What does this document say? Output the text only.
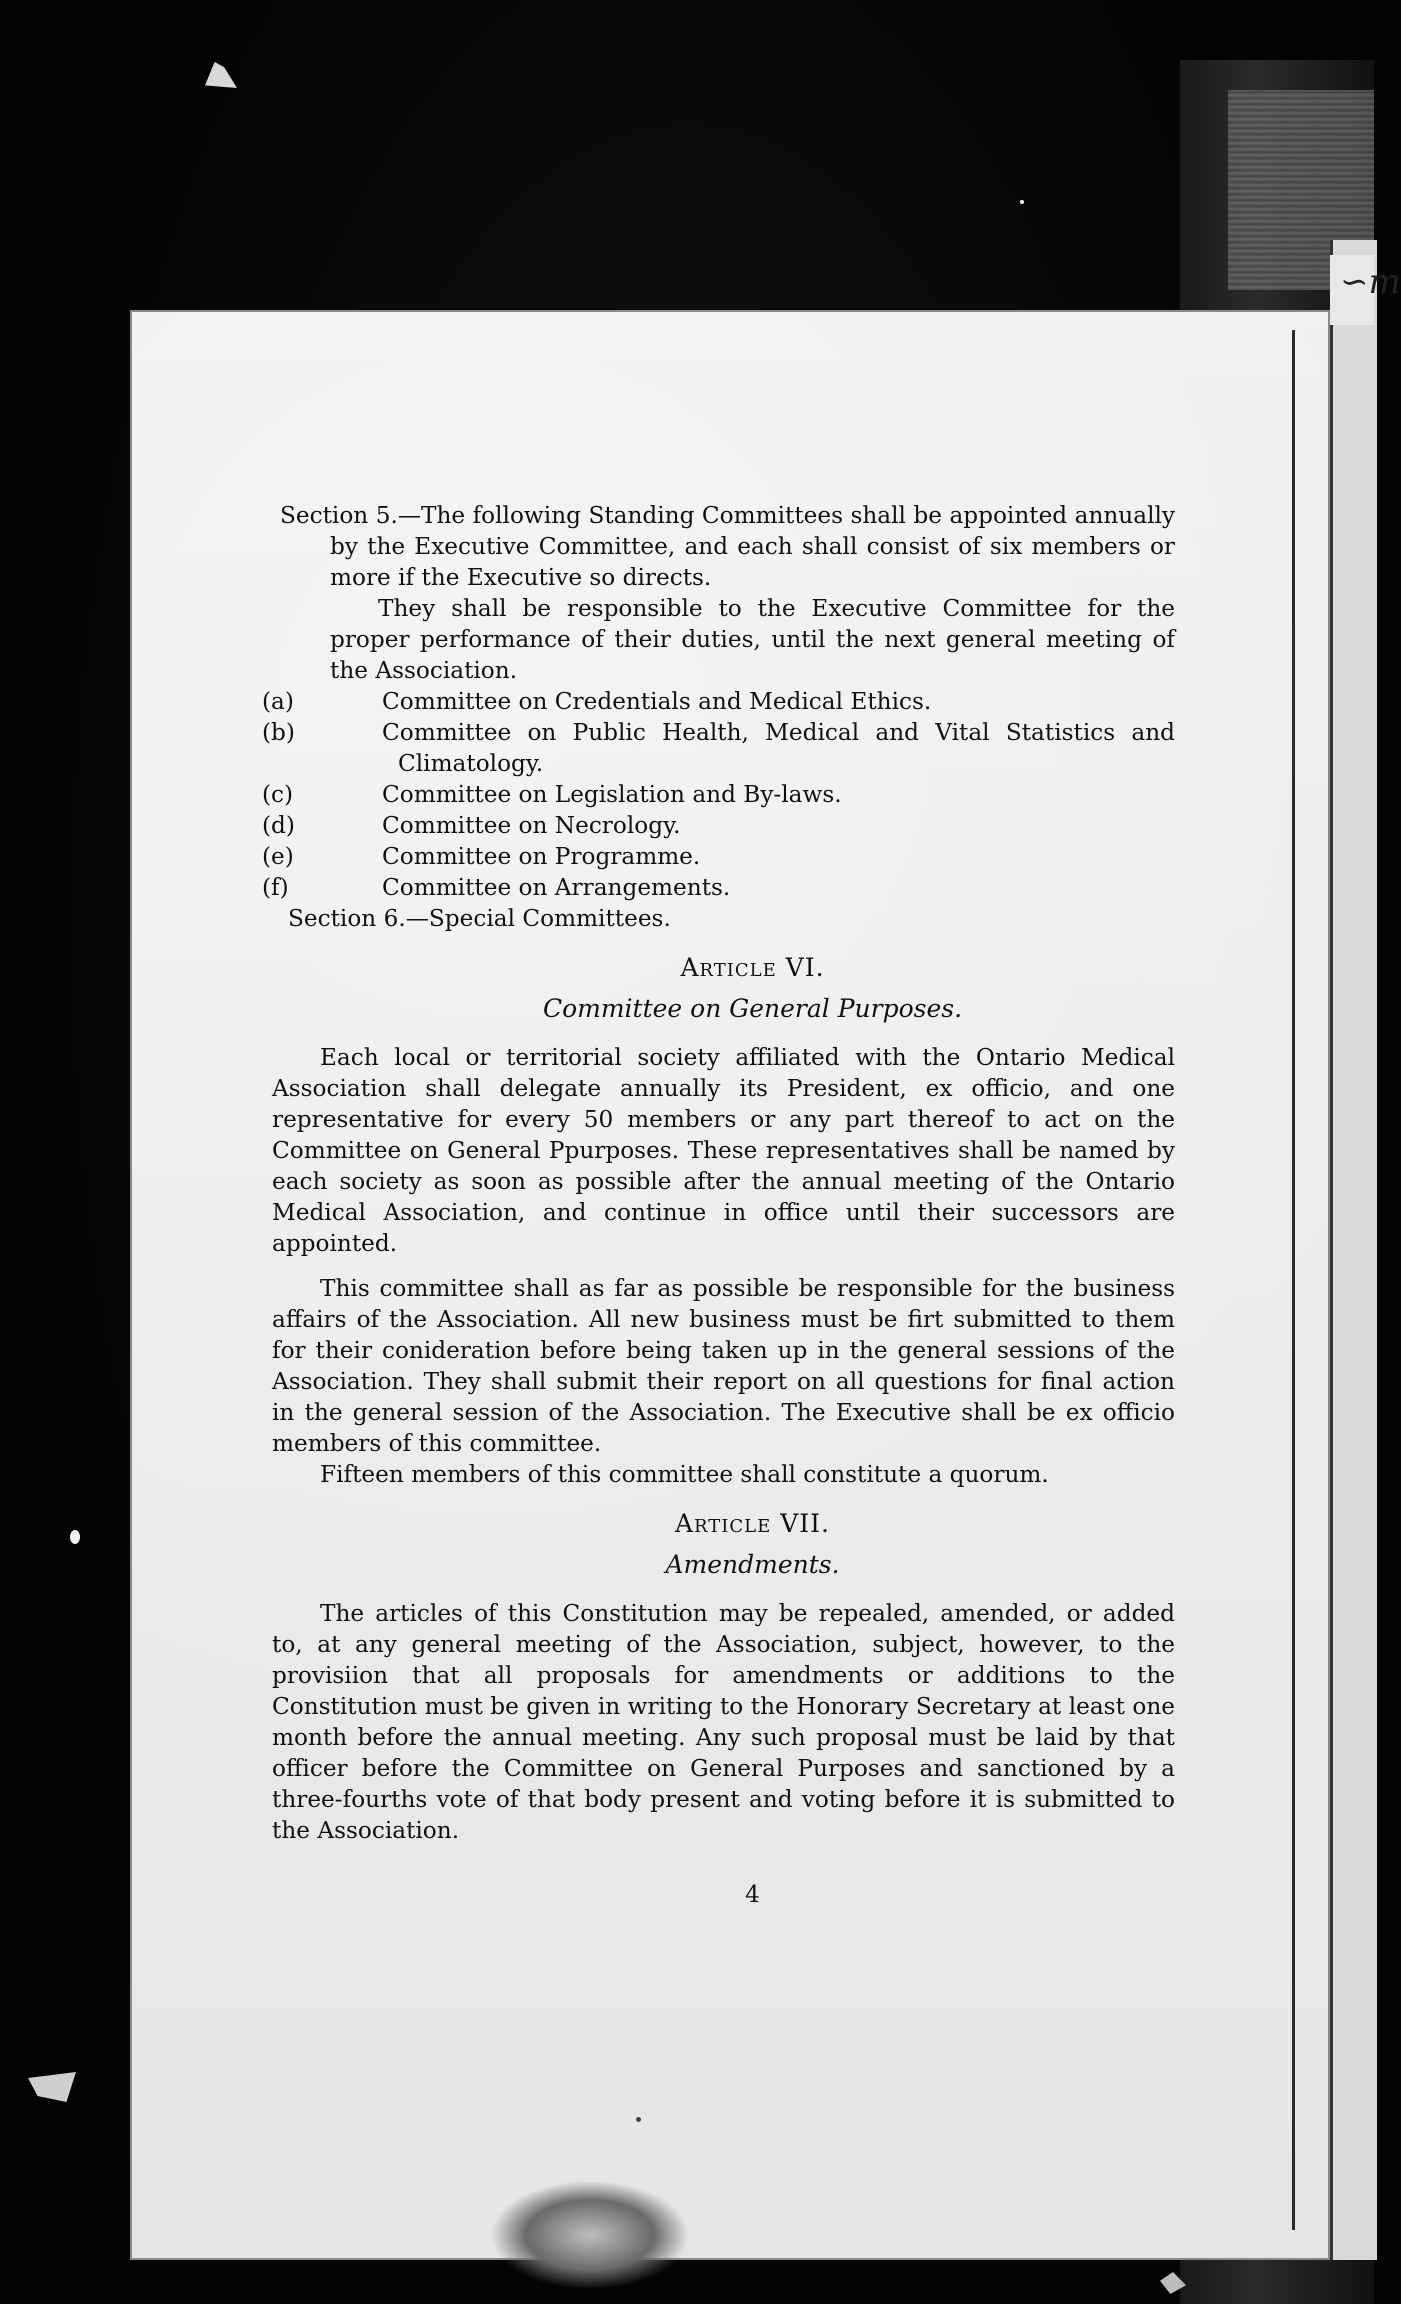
∽m

Section 5.—The following Standing Committees shall be appointed annually by the Executive Committee, and each shall consist of six members or more if the Executive so directs.

They shall be responsible to the Executive Committee for the proper performance of their duties, until the next general meeting of the Association.

(a)	Committee on Credentials and Medical Ethics.

(b)	Committee on Public Health, Medical and Vital Statistics and Climatology.

(c)	Committee on Legislation and By-laws.

(d)	Committee on Necrology.

(e)	Committee on Programme.

(f)	Committee on Arrangements.

Section 6.—Special Committees.

Article VI.
Committee on General Purposes.

Each local or territorial society affiliated with the Ontario Medical Association shall delegate annually its President, ex officio, and one representative for every 50 members or any part thereof to act on the Committee on General Ppurposes. These representatives shall be named by each society as soon as possible after the annual meeting of the Ontario Medical Association, and continue in office until their successors are appointed.

This committee shall as far as possible be responsible for the business affairs of the Association. All new business must be firt submitted to them for their conideration before being taken up in the general sessions of the Association. They shall submit their report on all questions for final action in the general session of the Association. The Executive shall be ex officio members of this committee.

Fifteen members of this committee shall constitute a quorum.

Article VII.
Amendments.

The articles of this Constitution may be repealed, amended, or added to, at any general meeting of the Association, subject, however, to the provisiion that all proposals for amendments or additions to the Constitution must be given in writing to the Honorary Secretary at least one month before the annual meeting. Any such proposal must be laid by that officer before the Committee on General Purposes and sanctioned by a three-fourths vote of that body present and voting before it is submitted to the Association.

4
